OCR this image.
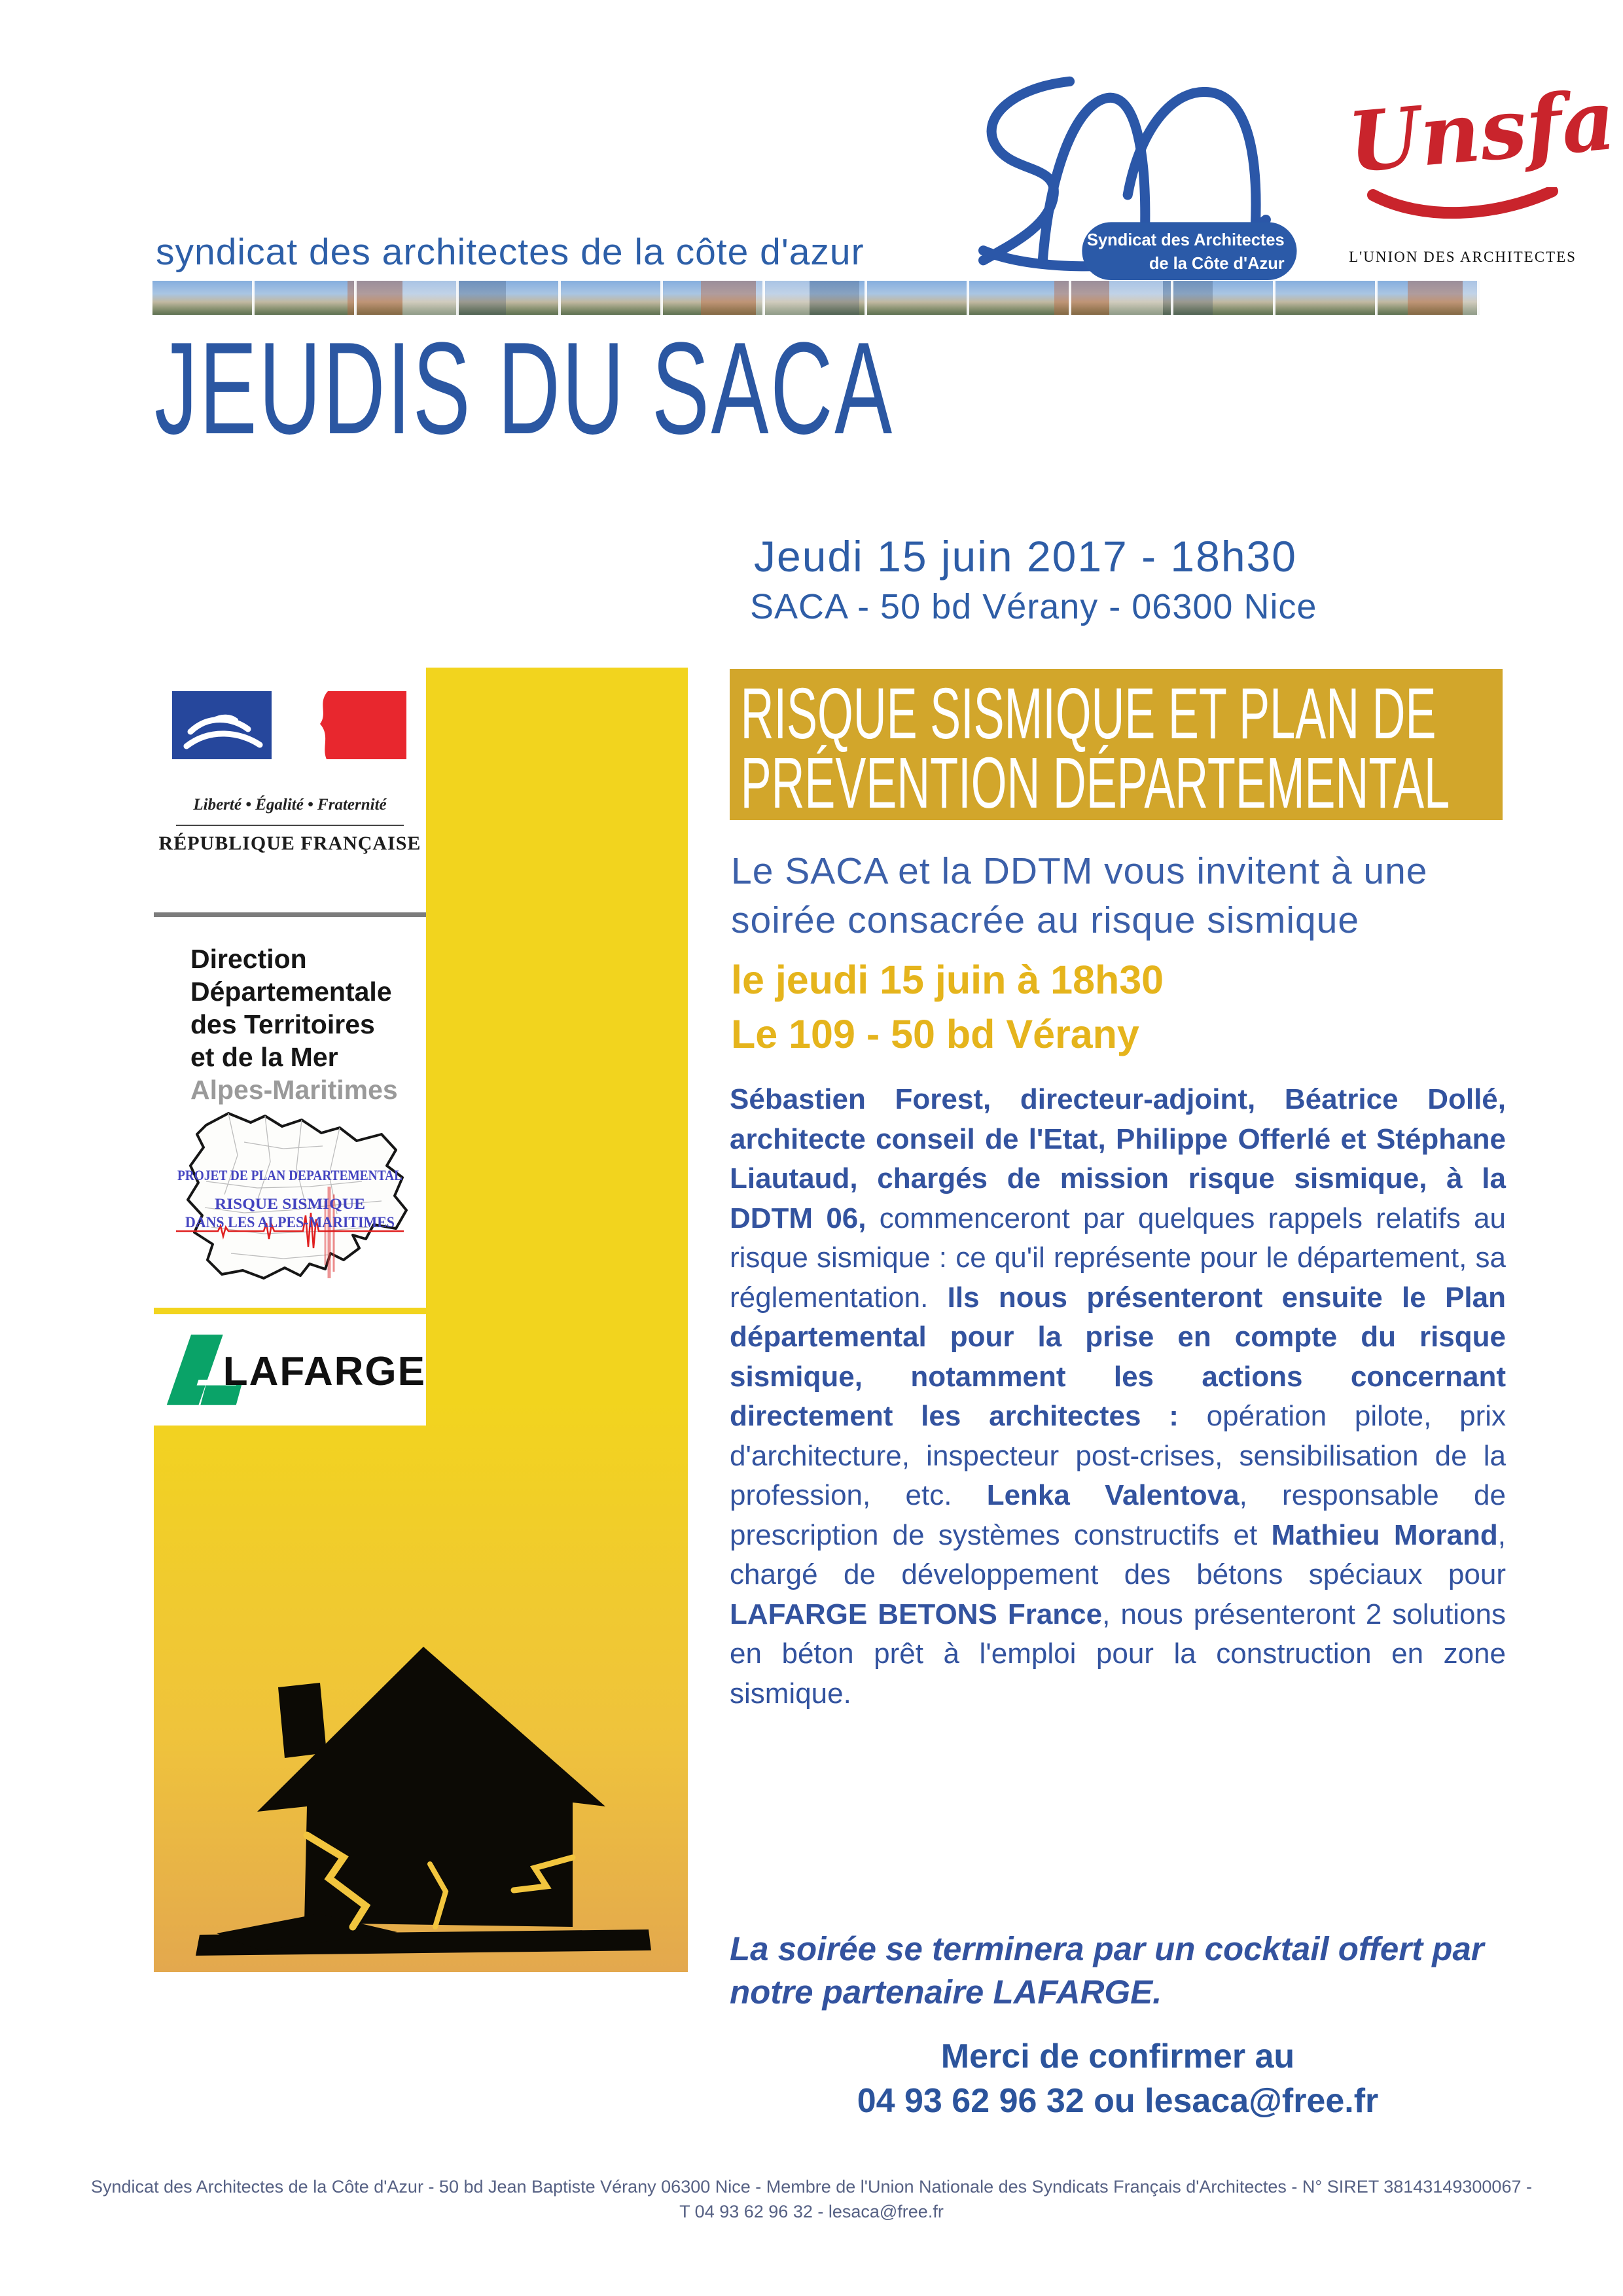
syndicat des architectes de la côte d'azur	Le Syndicat des Architectes
de la Côte d'Azur
Unsfa
L'UNION DES ARCHITECTES
JEUDIS DU SACA
Jeudi 15 juin 2017 - 18h30
SACA - 50 bd Vérany - 06300 Nice
Liberté • Égalité • Fraternité
RÉPUBLIQUE FRANÇAISE
Direction
Départementale
des Territoires
et de la Mer
Alpes-Maritimes
PROJET DE PLAN DEPARTEMENTAL
RISQUE SISMIQUE
DANS LES ALPES-MARITIMES
LAFARGE
RISQUE SISMIQUE ET PLAN DE
PRÉVENTION DÉPARTEMENTAL
Le SACA et la DDTM vous invitent à une
soirée consacrée au risque sismique
le jeudi 15 juin à 18h30
Le 109 - 50 bd Vérany
Sébastien Forest, directeur-adjoint, Béatrice Dollé, architecte conseil de l'Etat, Philippe Offerlé et Stéphane Liautaud, chargés de mission risque sismique, à la DDTM 06, commenceront par quelques rappels relatifs au risque sismique : ce qu'il représente pour le département, sa réglementation. Ils nous présenteront ensuite le Plan départemental pour la prise en compte du risque sismique, notamment les actions concernant directement les architectes : opération pilote, prix d'architecture, inspecteur post-crises, sensibilisation de la profession, etc. Lenka Valentova, responsable de prescription de systèmes constructifs et Mathieu Morand, chargé de développement des bétons spéciaux pour LAFARGE BETONS France, nous présenteront 2 solutions en béton prêt à l'emploi pour la construction en zone sismique.
La soirée se terminera par un cocktail offert par notre partenaire LAFARGE.
Merci de confirmer au
04 93 62 96 32 ou lesaca@free.fr
Syndicat des Architectes de la Côte d'Azur - 50 bd Jean Baptiste Vérany 06300 Nice - Membre de l'Union Nationale des Syndicats Français d'Architectes - N° SIRET 38143149300067 -
T 04 93 62 96 32 - lesaca@free.fr
